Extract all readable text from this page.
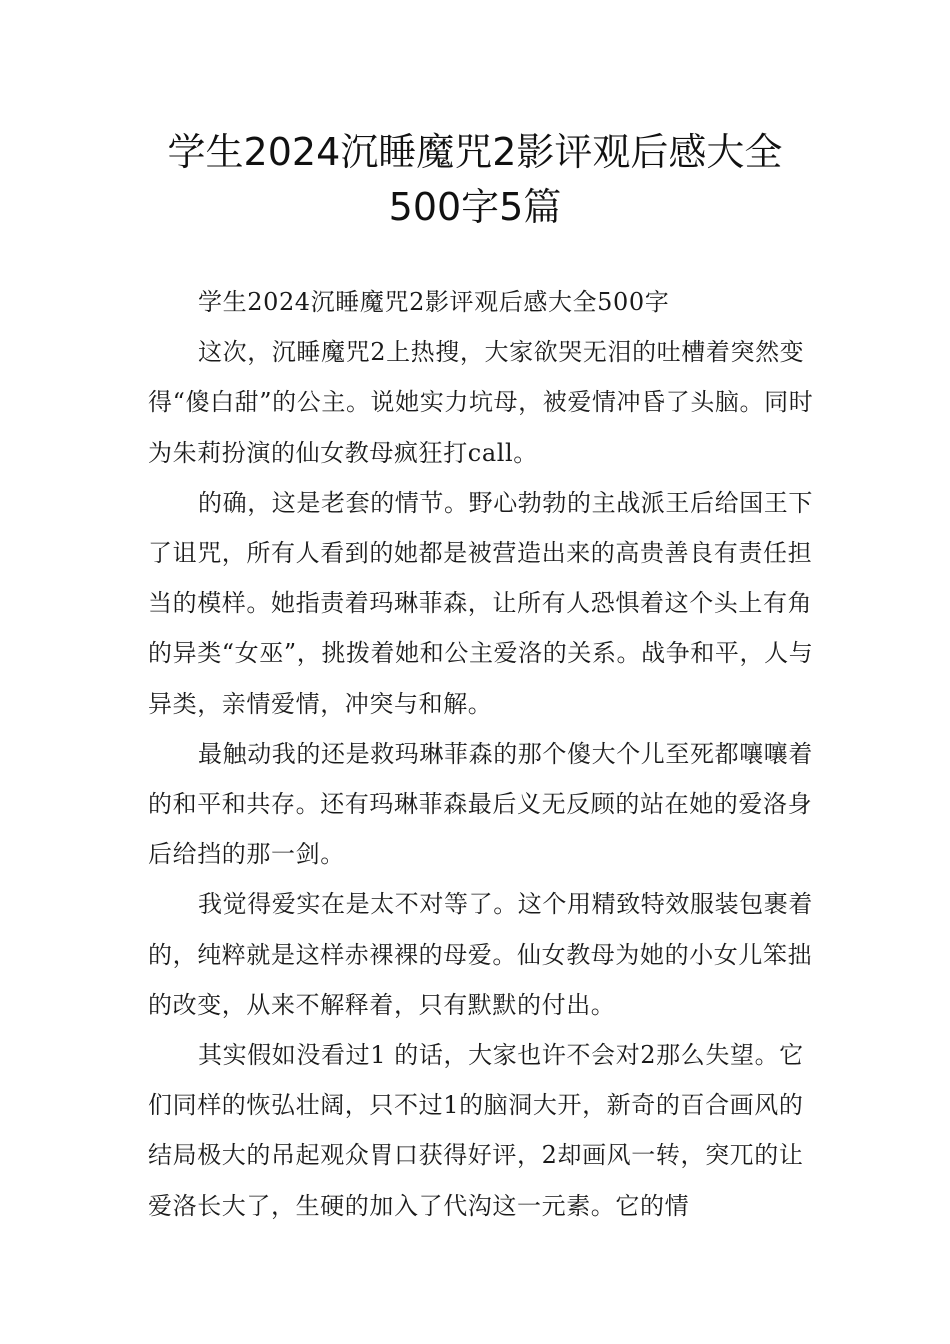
学生2024沉睡魔咒2影评观后感大全
500字5篇

学生2024沉睡魔咒2影评观后感大全500字

这次，沉睡魔咒2上热搜，大家欲哭无泪的吐槽着突然变得“傻白甜”的公主。说她实力坑母，被爱情冲昏了头脑。同时为朱莉扮演的仙女教母疯狂打call。

的确，这是老套的情节。野心勃勃的主战派王后给国王下了诅咒，所有人看到的她都是被营造出来的高贵善良有责任担当的模样。她指责着玛琳菲森，让所有人恐惧着这个头上有角的异类“女巫”，挑拨着她和公主爱洛的关系。战争和平，人与异类，亲情爱情，冲突与和解。

最触动我的还是救玛琳菲森的那个傻大个儿至死都嚷嚷着的和平和共存。还有玛琳菲森最后义无反顾的站在她的爱洛身后给挡的那一剑。

我觉得爱实在是太不对等了。这个用精致特效服装包裹着的，纯粹就是这样赤裸裸的母爱。仙女教母为她的小女儿笨拙的改变，从来不解释着，只有默默的付出。

其实假如没看过1 的话，大家也许不会对2那么失望。它们同样的恢弘壮阔，只不过1的脑洞大开，新奇的百合画风的结局极大的吊起观众胃口获得好评，2却画风一转，突兀的让爱洛长大了，生硬的加入了代沟这一元素。它的情
